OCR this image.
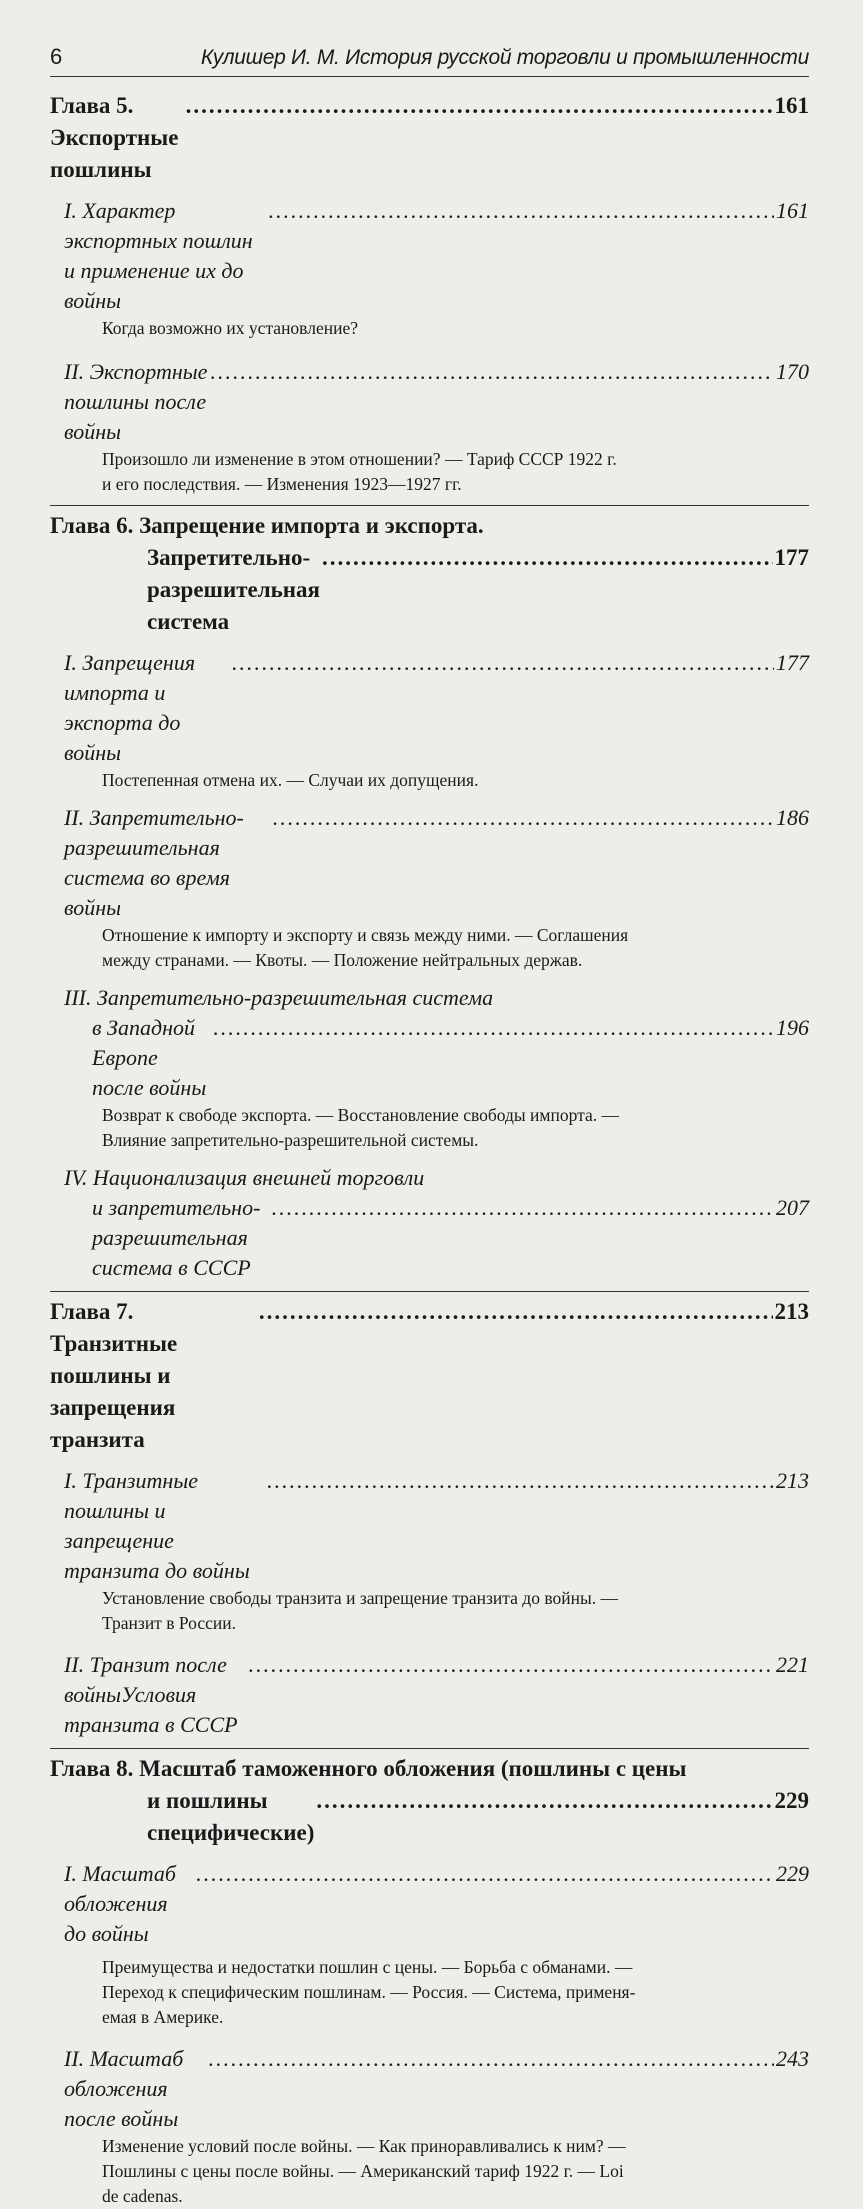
6	Кулишер И. М. История русской торговли и промышленности
Глава 5. Экспортные пошлины
.....
161
I. Характер экспортных пошлин и применение их до войны
.....
161
Когда возможно их установление?
II. Экспортные пошлины после войны
.....
170
Произошло ли изменение в этом отношении? — Тариф СССР 1922 г.
и его последствия. — Изменения 1923—1927 гг.
Глава 6. Запрещение импорта и экспорта.
Запретительно-разрешительная система
.....
177
I. Запрещения импорта и экспорта до войны
.....
177
Постепенная отмена их. — Случаи их допущения.
II. Запретительно-разрешительная система во время войны
.....
186
Отношение к импорту и экспорту и связь между ними. — Соглашения
между странами. — Квоты. — Положение нейтральных держав.
III. Запретительно-разрешительная система
в Западной Европе после войны
.....
196
Возврат к свободе экспорта. — Восстановление свободы импорта. —
Влияние запретительно-разрешительной системы.
IV. Национализация внешней торговли
и запретительно-разрешительная система в СССР
.....
207
Глава 7. Транзитные пошлины и запрещения транзита
.....
213
I. Транзитные пошлины и запрещение транзита до войны
.....
213
Установление свободы транзита и запрещение транзита до войны. —
Транзит в России.
II. Транзит после войныУсловия транзита в СССР
.....
221
Глава 8. Масштаб таможенного обложения (пошлины с цены
и пошлины специфические)
.....
229
I. Масштаб обложения до войны
.....
229
Преимущества и недостатки пошлин с цены. — Борьба с обманами. —
Переход к специфическим пошлинам. — Россия. — Система, применя-
емая в Америке.
II. Масштаб обложения после войны
.....
243
Изменение условий после войны. — Как приноравливались к ним? —
Пошлины с цены после войны. — Американский тариф 1922 г. — Loi
de cadenas.
